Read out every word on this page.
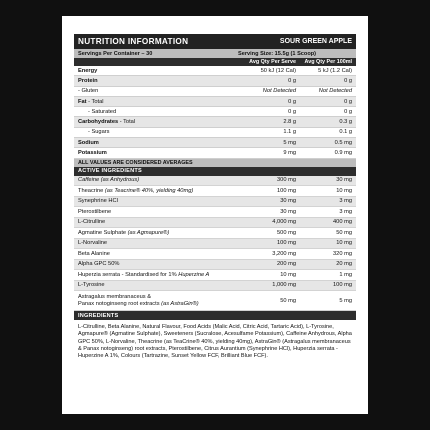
NUTRITION INFORMATION	SOUR GREEN APPLE
Servings Per Container – 30	Serving Size: 15.5g (1 Scoop)
Avg Qty Per Serve	Avg Qty Per 100ml
Energy	50 kJ (12 Cal)	5 kJ (1.2 Cal)
Protein	0 g	0 g
- Gluten	Not Detected	Not Detected
Fat - Total	0 g	0 g
- Saturated	0 g	0 g
Carbohydrates - Total	2.8 g	0.3 g
- Sugars	1.1 g	0.1 g
Sodium	5 mg	0.5 mg
Potassium	9 mg	0.9 mg
ALL VALUES ARE CONSIDERED AVERAGES
ACTIVE INGREDIENTS
Caffeine (as Anhydrous)	300 mg	30 mg
Theacrine (as Teacrine® 40%, yielding 40mg)	100 mg	10 mg
Synephrine HCl	30 mg	3 mg
Pterostilbene	30 mg	3 mg
L-Citrulline	4,000 mg	400 mg
Agmatine Sulphate (as Agmapure®)	500 mg	50 mg
L-Norvaline	100 mg	10 mg
Beta Alanine	3,200 mg	320 mg
Alpha GPC 50%	200 mg	20 mg
Huperzia serrata - Standardised for 1% Huperzine A	10 mg	1 mg
L-Tyrosine	1,000 mg	100 mg
Astragalus membranaceus &
Panax notoginseng root extracts (as AstraGin®)	50 mg	5 mg
INGREDIENTS
L-Citrulline, Beta Alanine, Natural Flavour, Food Acids (Malic Acid, Citric Acid, Tartaric Acid), L-Tyrosine, Agmapure® (Agmatine Sulphate), Sweeteners (Sucralose, Acesulfame Potassium), Caffeine Anhydrous, Alpha GPC 50%, L-Norvaline, Theacrine (as TeaCrine® 40%, yielding 40mg), AstraGin® (Astragalus membranaceus & Panax notoginseng) root extracts, Pterostilbene, Citrus Aurantium (Synephrine HCl), Huperzia serrata - Huperzine A 1%, Colours (Tartrazine, Sunset Yellow FCF, Brilliant Blue FCF).
